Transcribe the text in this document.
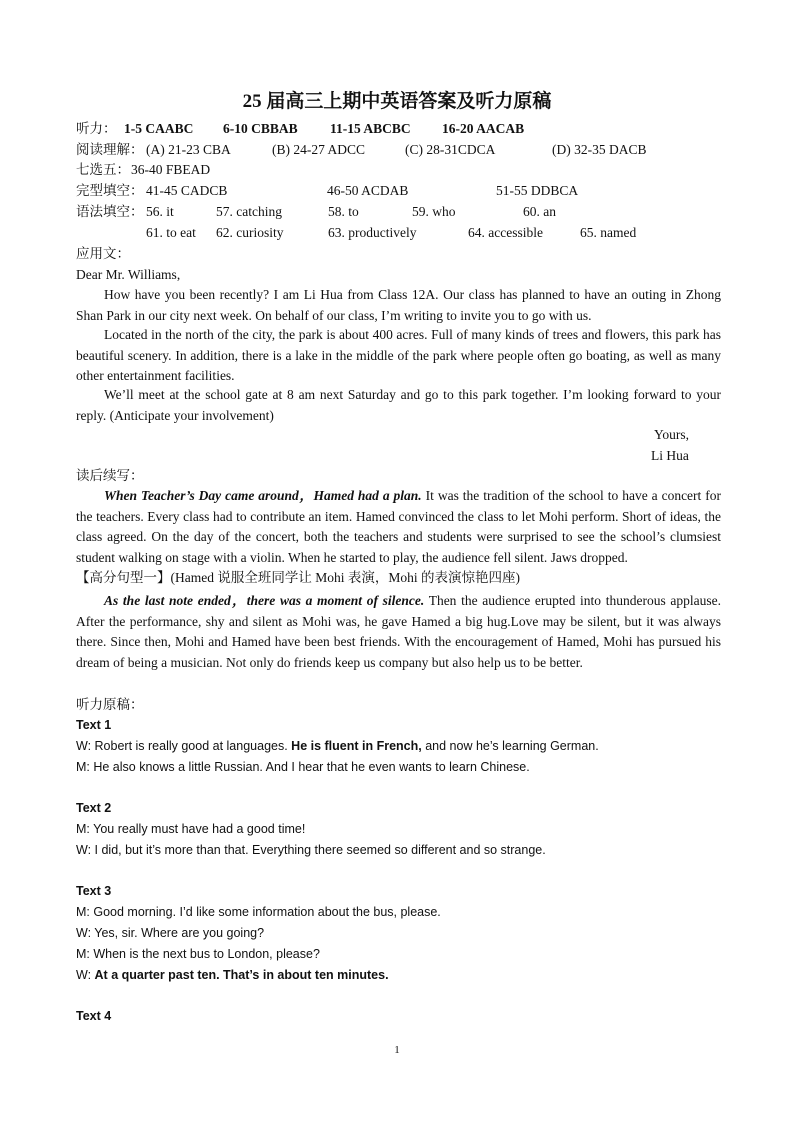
25 届高三上期中英语答案及听力原稿
听力： 1-5 CAABC 6-10 CBBAB 11-15 ABCBC 16-20 AACAB
阅读理解： (A) 21-23 CBA	(B) 24-27 ADCC	(C) 28-31CDCA	(D) 32-35 DACB
七选五： 36-40 FBEAD
完型填空： 41-45 CADCB	46-50 ACDAB	51-55 DDBCA
语法填空： 56. it	57. catching	58. to	59. who	60. an
61. to eat 62. curiosity	63. productively	64. accessible	65. named
应用文：
Dear Mr. Williams,
How have you been recently? I am Li Hua from Class 12A. Our class has planned to have an outing in Zhong Shan Park in our city next week. On behalf of our class, I’m writing to invite you to go with us.
Located in the north of the city, the park is about 400 acres. Full of many kinds of trees and flowers, this park has beautiful scenery. In addition, there is a lake in the middle of the park where people often go boating, as well as many other entertainment facilities.
We’ll meet at the school gate at 8 am next Saturday and go to this park together. I’m looking forward to your reply. (Anticipate your involvement)
Yours,
Li Hua
读后续写：
When Teacher’s Day came around，Hamed had a plan. It was the tradition of the school to have a concert for the teachers. Every class had to contribute an item. Hamed convinced the class to let Mohi perform. Short of ideas, the class agreed. On the day of the concert, both the teachers and students were surprised to see the school’s clumsiest student walking on stage with a violin. When he started to play, the audience fell silent. Jaws dropped.
【高分句型一】(Hamed 说服全班同学让 Mohi 表演，Mohi 的表演惊艳四座)
As the last note ended，there was a moment of silence. Then the audience erupted into thunderous applause. After the performance, shy and silent as Mohi was, he gave Hamed a big hug.Love may be silent, but it was always there. Since then, Mohi and Hamed have been best friends. With the encouragement of Hamed, Mohi has pursued his dream of being a musician. Not only do friends keep us company but also help us to be better.
听力原稿：
Text 1
W: Robert is really good at languages. He is fluent in French, and now he’s learning German.
M: He also knows a little Russian. And I hear that he even wants to learn Chinese.
Text 2
M: You really must have had a good time!
W: I did, but it’s more than that. Everything there seemed so different and so strange.
Text 3
M: Good morning. I’d like some information about the bus, please.
W: Yes, sir. Where are you going?
M: When is the next bus to London, please?
W: At a quarter past ten. That’s in about ten minutes.
Text 4
1
